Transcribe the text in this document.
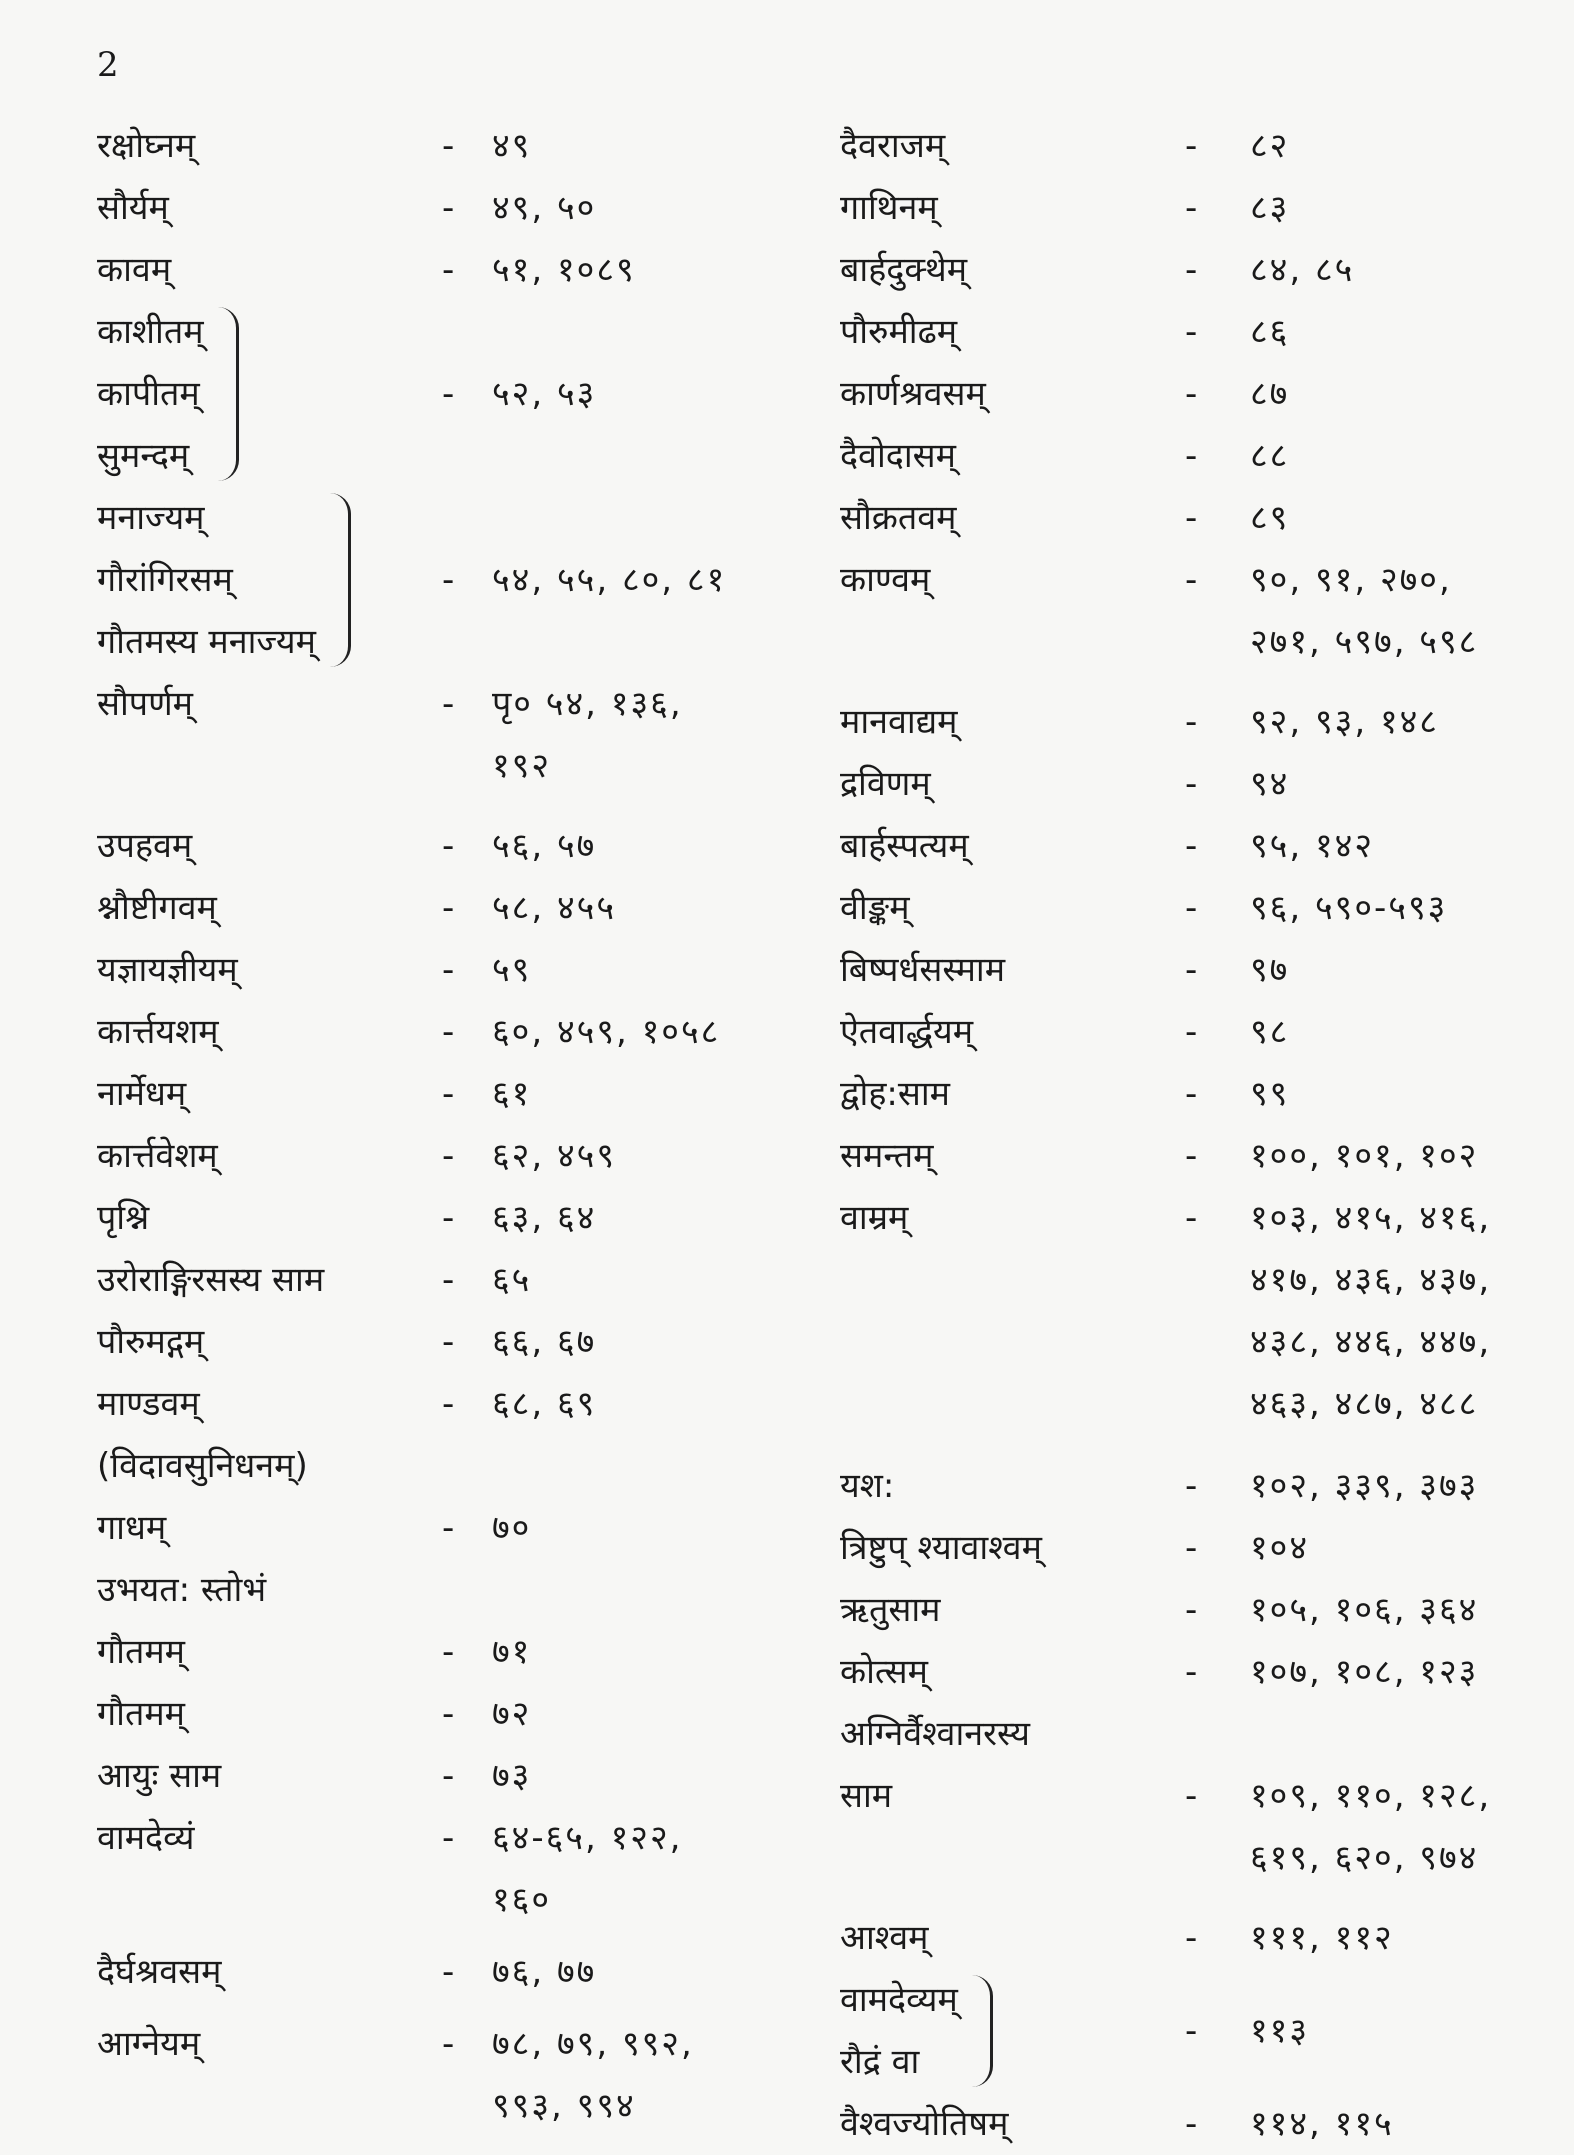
2
रक्षोघ्नम्	- ४९
सौर्यम्	- ४९, ५०
कावम्	- ५१, १०८९
काशीतम्
कापीतम्
सुमन्दम्
- ५२, ५३
मनाज्यम्
गौरांगिरसम्
गौतमस्य मनाज्यम्
- ५४, ५५, ८०, ८१
सौपर्णम्	- पृ० ५४, १३६,
१९२
उपहवम्	- ५६, ५७
श्नौष्टीगवम्	- ५८, ४५५
यज्ञायज्ञीयम्	- ५९
कार्त्तयशम्	- ६०, ४५९, १०५८
नार्मेधम्	- ६१
कार्त्तवेशम्	- ६२, ४५९
पृश्नि	- ६३, ६४
उरोराङ्गिरसस्य साम	- ६५
पौरुमद्गम्	- ६६, ६७
माण्डवम्	- ६८, ६९
(विदावसुनिधनम्)
गाधम्	- ७०
उभयत: स्तोभं
गौतमम्	- ७१
गौतमम्	- ७२
आयुः साम	- ७३
वामदेव्यं	- ६४-६५, १२२,
१६०
दैर्घश्रवसम्	- ७६, ७७
आग्नेयम्	- ७८, ७९, ९९२,
९९३, ९९४
दैवराजम्	- ८२
गाथिनम्	- ८३
बार्हदुक्थेम्	- ८४, ८५
पौरुमीढम्	- ८६
कार्णश्रवसम्	- ८७
दैवोदासम्	- ८८
सौक्रतवम्	- ८९
काण्वम्	- ९०, ९१, २७०,
२७१, ५९७, ५९८
मानवाद्यम्	- ९२, ९३, १४८
द्रविणम्	- ९४
बार्हस्पत्यम्	- ९५, १४२
वीङ्कम्	- ९६, ५९०-५९३
बिष्पर्धसस्माम	- ९७
ऐतवार्द्धयम्	- ९८
द्वोह:साम	- ९९
समन्तम्	- १००, १०१, १०२
वाम्रम्	- १०३, ४१५, ४१६,
४१७, ४३६, ४३७,
४३८, ४४६, ४४७,
४६३, ४८७, ४८८
यश:	- १०२, ३३९, ३७३
त्रिष्टुप् श्यावाश्वम्	- १०४
ऋतुसाम	- १०५, १०६, ३६४
कोत्सम्	- १०७, १०८, १२३
अग्निर्वैश्वानरस्य
साम	- १०९, ११०, १२८,
६१९, ६२०, ९७४
आश्वम्	- १११, ११२
वामदेव्यम्
रौद्रं वा
- ११३
वैश्वज्योतिषम्	- ११४, ११५
